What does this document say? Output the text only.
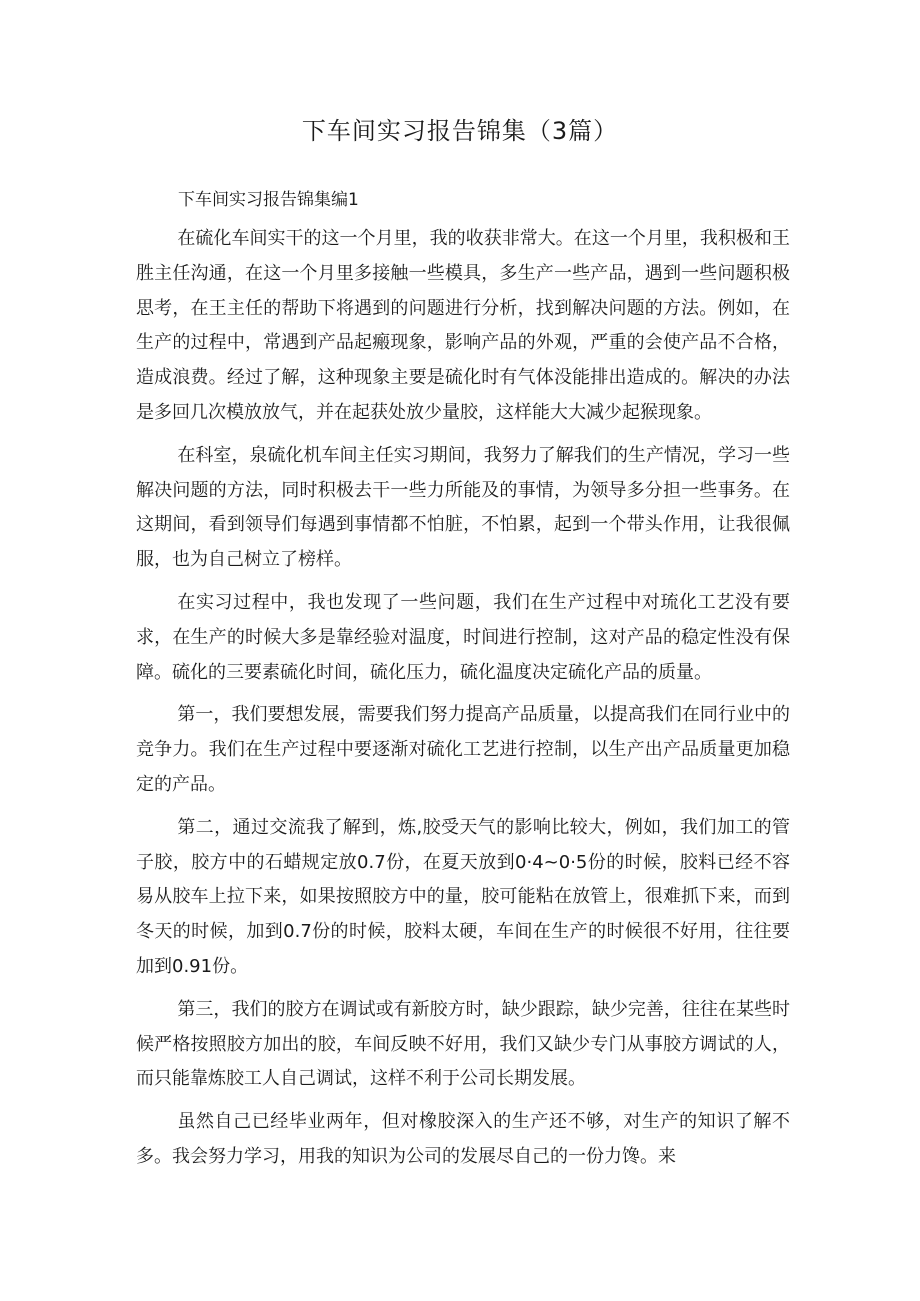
下车间实习报告锦集（3篇）

下车间实习报告锦集编1

在硫化车间实干的这一个月里，我的收获非常大。在这一个月里，我积极和王胜主任沟通，在这一个月里多接触一些模具，多生产一些产品，遇到一些问题积极思考，在王主任的帮助下将遇到的问题进行分析，找到解决问题的方法。例如，在生产的过程中，常遇到产品起瘢现象，影响产品的外观，严重的会使产品不合格，造成浪费。经过了解，这种现象主要是硫化时有气体没能排出造成的。解决的办法是多回几次模放放气，并在起获处放少量胶，这样能大大减少起猴现象。

在科室，泉硫化机车间主任实习期间，我努力了解我们的生产情况，学习一些解决问题的方法，同时积极去干一些力所能及的事情，为领导多分担一些事务。在这期间，看到领导们每遇到事情都不怕脏，不怕累，起到一个带头作用，让我很佩服，也为自己树立了榜样。

在实习过程中，我也发现了一些问题，我们在生产过程中对琉化工艺没有要求，在生产的时候大多是靠经验对温度，时间进行控制，这对产品的稳定性没有保障。硫化的三要素硫化时间，硫化压力，硫化温度决定硫化产品的质量。

第一，我们要想发展，需要我们努力提高产品质量，以提高我们在同行业中的竞争力。我们在生产过程中要逐渐对硫化工艺进行控制，以生产出产品质量更加稳定的产品。

第二，通过交流我了解到，炼,胶受天气的影响比较大，例如，我们加工的管子胶，胶方中的石蜡规定放0.7份，在夏天放到0·4~0·5份的时候，胶料已经不容易从胶车上拉下来，如果按照胶方中的量，胶可能粘在放管上，很难抓下来，而到冬天的时候，加到0.7份的时候，胶料太硬，车间在生产的时候很不好用，往往要加到0.91份。

第三，我们的胶方在调试或有新胶方时，缺少跟踪，缺少完善，往往在某些时候严格按照胶方加出的胶，车间反映不好用，我们又缺少专门从事胶方调试的人，而只能靠炼胶工人自己调试，这样不利于公司长期发展。

虽然自己已经毕业两年，但对橡胶深入的生产还不够，对生产的知识了解不多。我会努力学习，用我的知识为公司的发展尽自己的一份力馋。来
